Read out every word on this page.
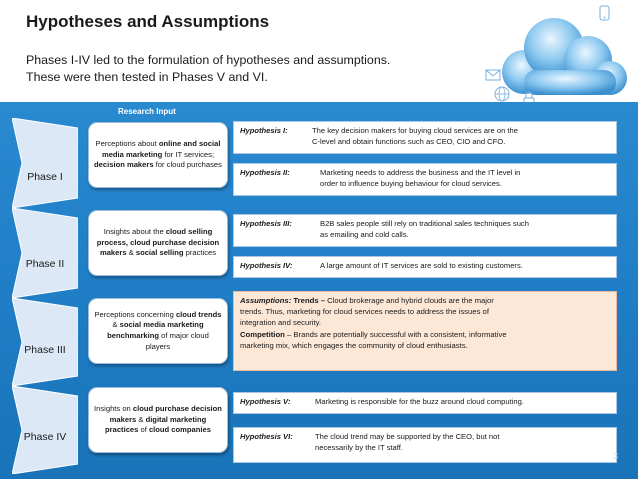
Hypotheses and Assumptions
Phases I-IV led to the formulation of hypotheses and assumptions.
These were then tested in Phases V and VI.
Research Input
Phase I
Phase II
Phase III
Phase IV
Perceptions about online and social media marketing for IT services; decision makers for cloud purchases
Insights about the cloud selling process, cloud purchase decision makers & social selling practices
Perceptions concerning cloud trends & social media marketing benchmarking of major cloud players
Insights on cloud purchase decision makers & digital marketing practices of cloud companies
Hypothesis I:	The key decision makers for buying cloud services are on the
C-level and obtain functions such as CEO, CIO and CFO.
Hypothesis II:	Marketing needs to address the business and the IT level in
order to influence buying behaviour for cloud services.
Hypothesis III:	B2B sales people still rely on traditional sales techniques such
as emailing and cold calls.
Hypothesis IV:	A large amount of IT services are sold to existing customers.
Assumptions: Trends – Cloud brokerage and hybrid clouds are the major
trends. Thus, marketing for cloud services needs to address the issues of
integration and security.
Competition – Brands are potentially successful with a consistent, informative
marketing mix, which engages the community of cloud enthusiasts.
Hypothesis V:	Marketing is responsible for the buzz around cloud computing.
Hypothesis VI:	The cloud trend may be supported by the CEO, but not
necessarily by the IT staff.
3
